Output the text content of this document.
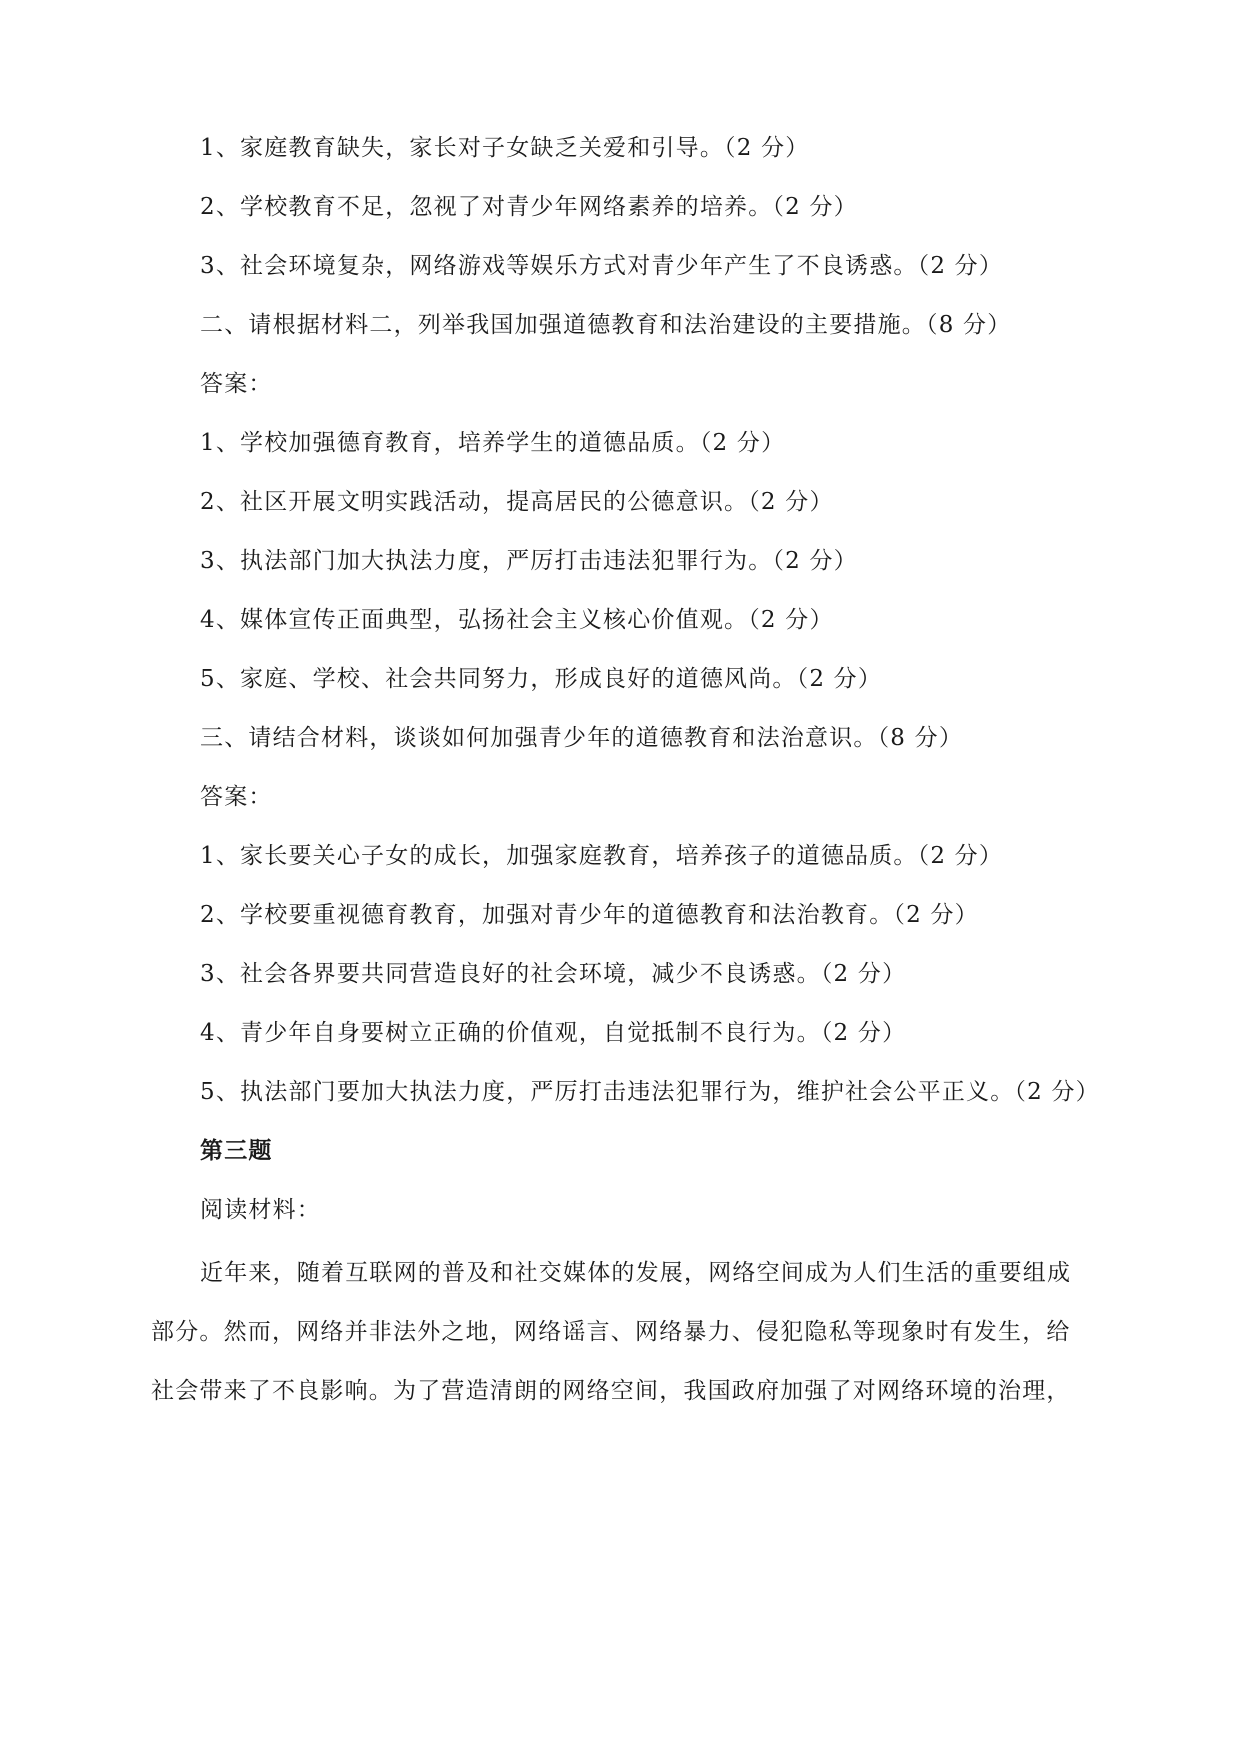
1、家庭教育缺失，家长对子女缺乏关爱和引导。（2 分）
2、学校教育不足，忽视了对青少年网络素养的培养。（2 分）
3、社会环境复杂，网络游戏等娱乐方式对青少年产生了不良诱惑。（2 分）
二、请根据材料二，列举我国加强道德教育和法治建设的主要措施。（8 分）
答案：
1、学校加强德育教育，培养学生的道德品质。（2 分）
2、社区开展文明实践活动，提高居民的公德意识。（2 分）
3、执法部门加大执法力度，严厉打击违法犯罪行为。（2 分）
4、媒体宣传正面典型，弘扬社会主义核心价值观。（2 分）
5、家庭、学校、社会共同努力，形成良好的道德风尚。（2 分）
三、请结合材料，谈谈如何加强青少年的道德教育和法治意识。（8 分）
答案：
1、家长要关心子女的成长，加强家庭教育，培养孩子的道德品质。（2 分）
2、学校要重视德育教育，加强对青少年的道德教育和法治教育。（2 分）
3、社会各界要共同营造良好的社会环境，减少不良诱惑。（2 分）
4、青少年自身要树立正确的价值观，自觉抵制不良行为。（2 分）
5、执法部门要加大执法力度，严厉打击违法犯罪行为，维护社会公平正义。（2 分）
第三题
阅读材料：
近年来，随着互联网的普及和社交媒体的发展，网络空间成为人们生活的重要组成
部分。然而，网络并非法外之地，网络谣言、网络暴力、侵犯隐私等现象时有发生，给
社会带来了不良影响。为了营造清朗的网络空间，我国政府加强了对网络环境的治理，
